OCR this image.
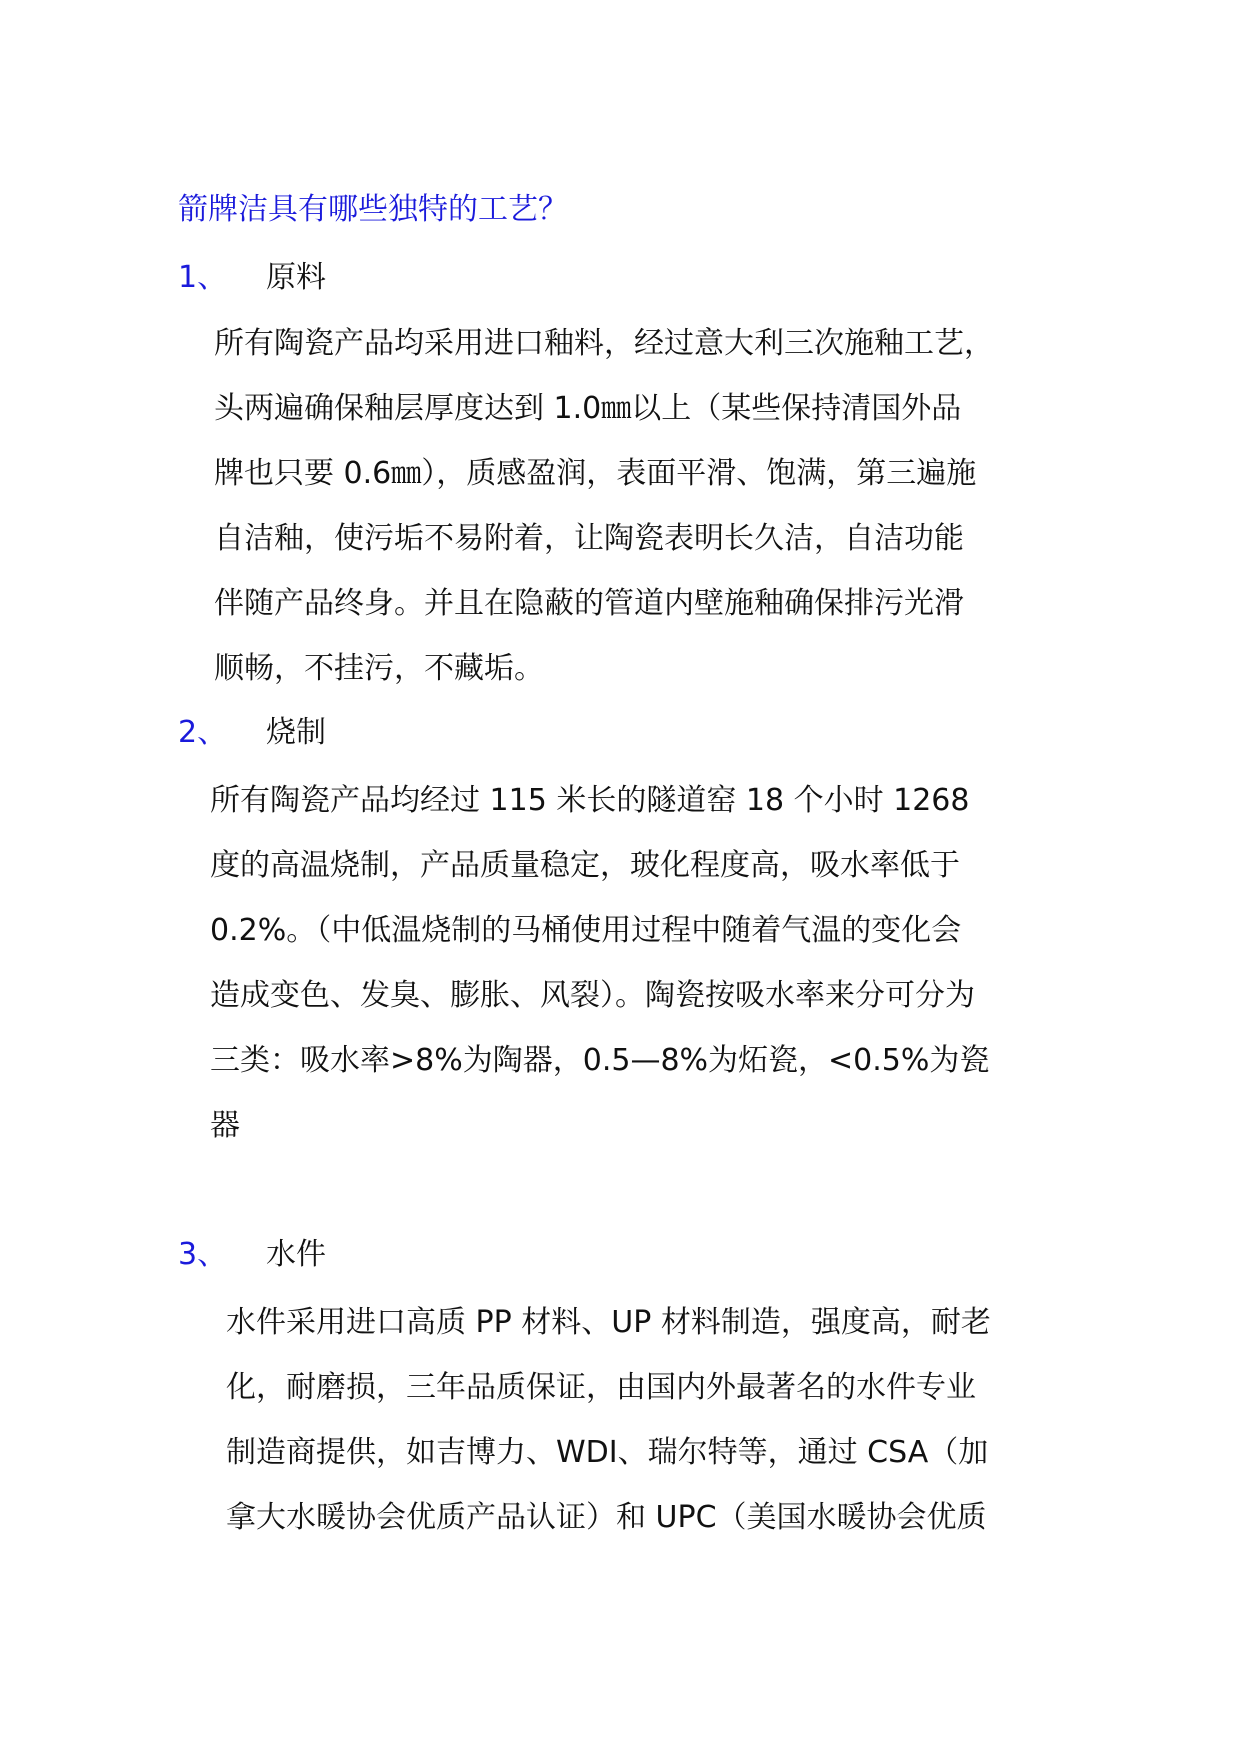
箭牌洁具有哪些独特的工艺？
1、 原料
所有陶瓷产品均采用进口釉料，经过意大利三次施釉工艺，
头两遍确保釉层厚度达到 1.0㎜以上（某些保持清国外品
牌也只要 0.6㎜），质感盈润，表面平滑、饱满，第三遍施
自洁釉，使污垢不易附着，让陶瓷表明长久洁，自洁功能
伴随产品终身。并且在隐蔽的管道内壁施釉确保排污光滑
顺畅，不挂污，不藏垢。
2、 烧制
所有陶瓷产品均经过 115 米长的隧道窑 18 个小时 1268
度的高温烧制，产品质量稳定，玻化程度高，吸水率低于
0.2%。（中低温烧制的马桶使用过程中随着气温的变化会
造成变色、发臭、膨胀、风裂）。陶瓷按吸水率来分可分为
三类：吸水率>8%为陶器，0.5—8%为炻瓷，<0.5%为瓷
器
3、 水件
水件采用进口高质 PP 材料、UP 材料制造，强度高，耐老
化，耐磨损，三年品质保证，由国内外最著名的水件专业
制造商提供，如吉博力、WDI、瑞尔特等，通过 CSA（加
拿大水暖协会优质产品认证）和 UPC（美国水暖协会优质
